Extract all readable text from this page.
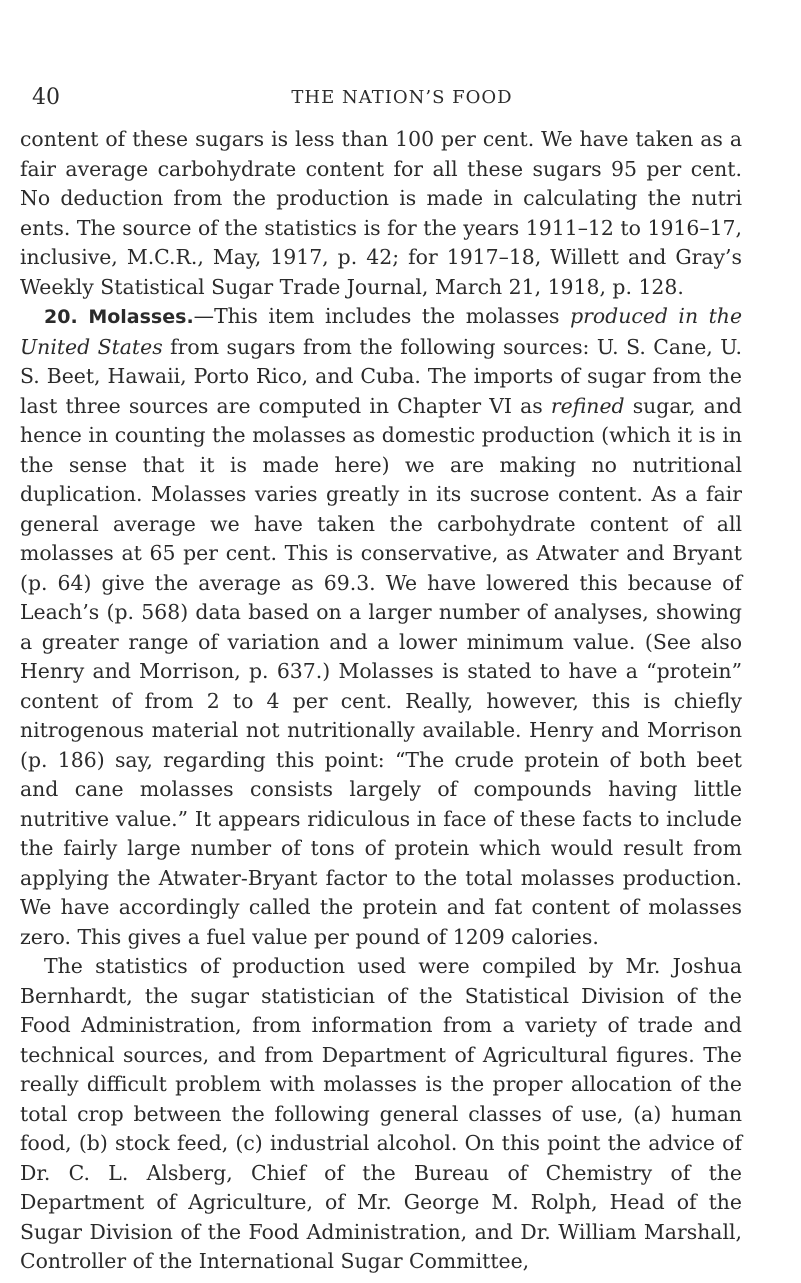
40	THE NATION’S FOOD

content of these sugars is less than 100 per cent. We have taken as a fair average carbohydrate content for all these sugars 95 per cent. No deduction from the production is made in calculating the nutri ents. The source of the statistics is for the years 1911–12 to 1916–17, inclusive, M.C.R., May, 1917, p. 42; for 1917–18, Willett and Gray’s Weekly Statistical Sugar Trade Journal, March 21, 1918, p. 128.

20. Molasses.—This item includes the molasses produced in the United States from sugars from the following sources: U. S. Cane, U. S. Beet, Hawaii, Porto Rico, and Cuba. The imports of sugar from the last three sources are computed in Chapter VI as refined sugar, and hence in counting the molasses as domestic production (which it is in the sense that it is made here) we are making no nutritional duplication. Molasses varies greatly in its sucrose content. As a fair general average we have taken the carbohydrate content of all molasses at 65 per cent. This is conservative, as Atwater and Bryant (p. 64) give the average as 69.3. We have lowered this because of Leach’s (p. 568) data based on a larger number of analyses, showing a greater range of variation and a lower minimum value. (See also Henry and Morrison, p. 637.) Molasses is stated to have a “protein” content of from 2 to 4 per cent. Really, however, this is chiefly nitrogenous material not nutritionally available. Henry and Morrison (p. 186) say, regarding this point: “The crude protein of both beet and cane molasses consists largely of compounds having little nutritive value.” It appears ridiculous in face of these facts to include the fairly large number of tons of protein which would result from applying the Atwater-Bryant factor to the total molasses production. We have accordingly called the protein and fat content of molasses zero. This gives a fuel value per pound of 1209 calories.

The statistics of production used were compiled by Mr. Joshua Bernhardt, the sugar statistician of the Statistical Division of the Food Administration, from information from a variety of trade and technical sources, and from Department of Agricultural figures. The really difficult problem with molasses is the proper allocation of the total crop between the following general classes of use, (a) human food, (b) stock feed, (c) industrial alcohol. On this point the advice of Dr. C. L. Alsberg, Chief of the Bureau of Chemistry of the Department of Agriculture, of Mr. George M. Rolph, Head of the Sugar Division of the Food Administration, and Dr. William Marshall, Controller of the International Sugar Committee,
